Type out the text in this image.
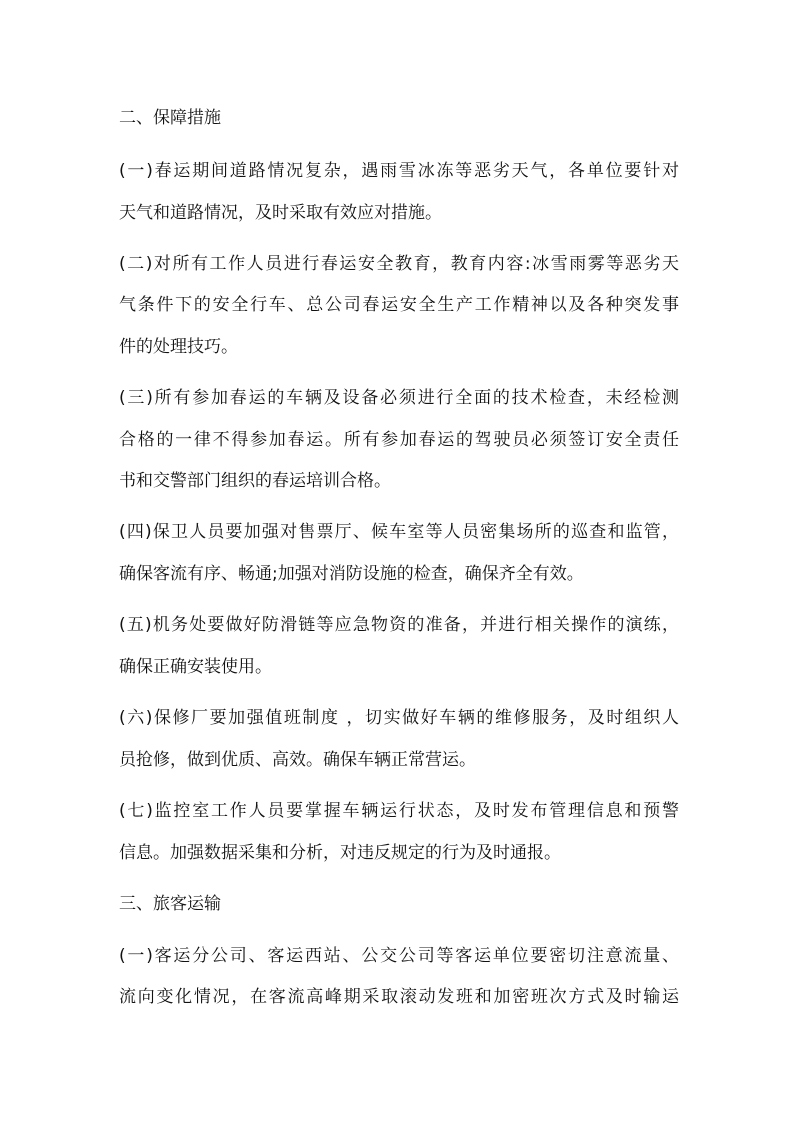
二、保障措施
(一)春运期间道路情况复杂，遇雨雪冰冻等恶劣天气，各单位要针对
天气和道路情况，及时采取有效应对措施。
(二)对所有工作人员进行春运安全教育，教育内容:冰雪雨雾等恶劣天
气条件下的安全行车、总公司春运安全生产工作精神以及各种突发事
件的处理技巧。
(三)所有参加春运的车辆及设备必须进行全面的技术检查，未经检测
合格的一律不得参加春运。所有参加春运的驾驶员必须签订安全责任
书和交警部门组织的春运培训合格。
(四)保卫人员要加强对售票厅、候车室等人员密集场所的巡查和监管，
确保客流有序、畅通;加强对消防设施的检查，确保齐全有效。
(五)机务处要做好防滑链等应急物资的准备，并进行相关操作的演练，
确保正确安装使用。
(六)保修厂要加强值班制度 ，切实做好车辆的维修服务，及时组织人
员抢修，做到优质、高效。确保车辆正常营运。
(七)监控室工作人员要掌握车辆运行状态，及时发布管理信息和预警
信息。加强数据采集和分析，对违反规定的行为及时通报。
三、旅客运输
(一)客运分公司、客运西站、公交公司等客运单位要密切注意流量、
流向变化情况，在客流高峰期采取滚动发班和加密班次方式及时输运
